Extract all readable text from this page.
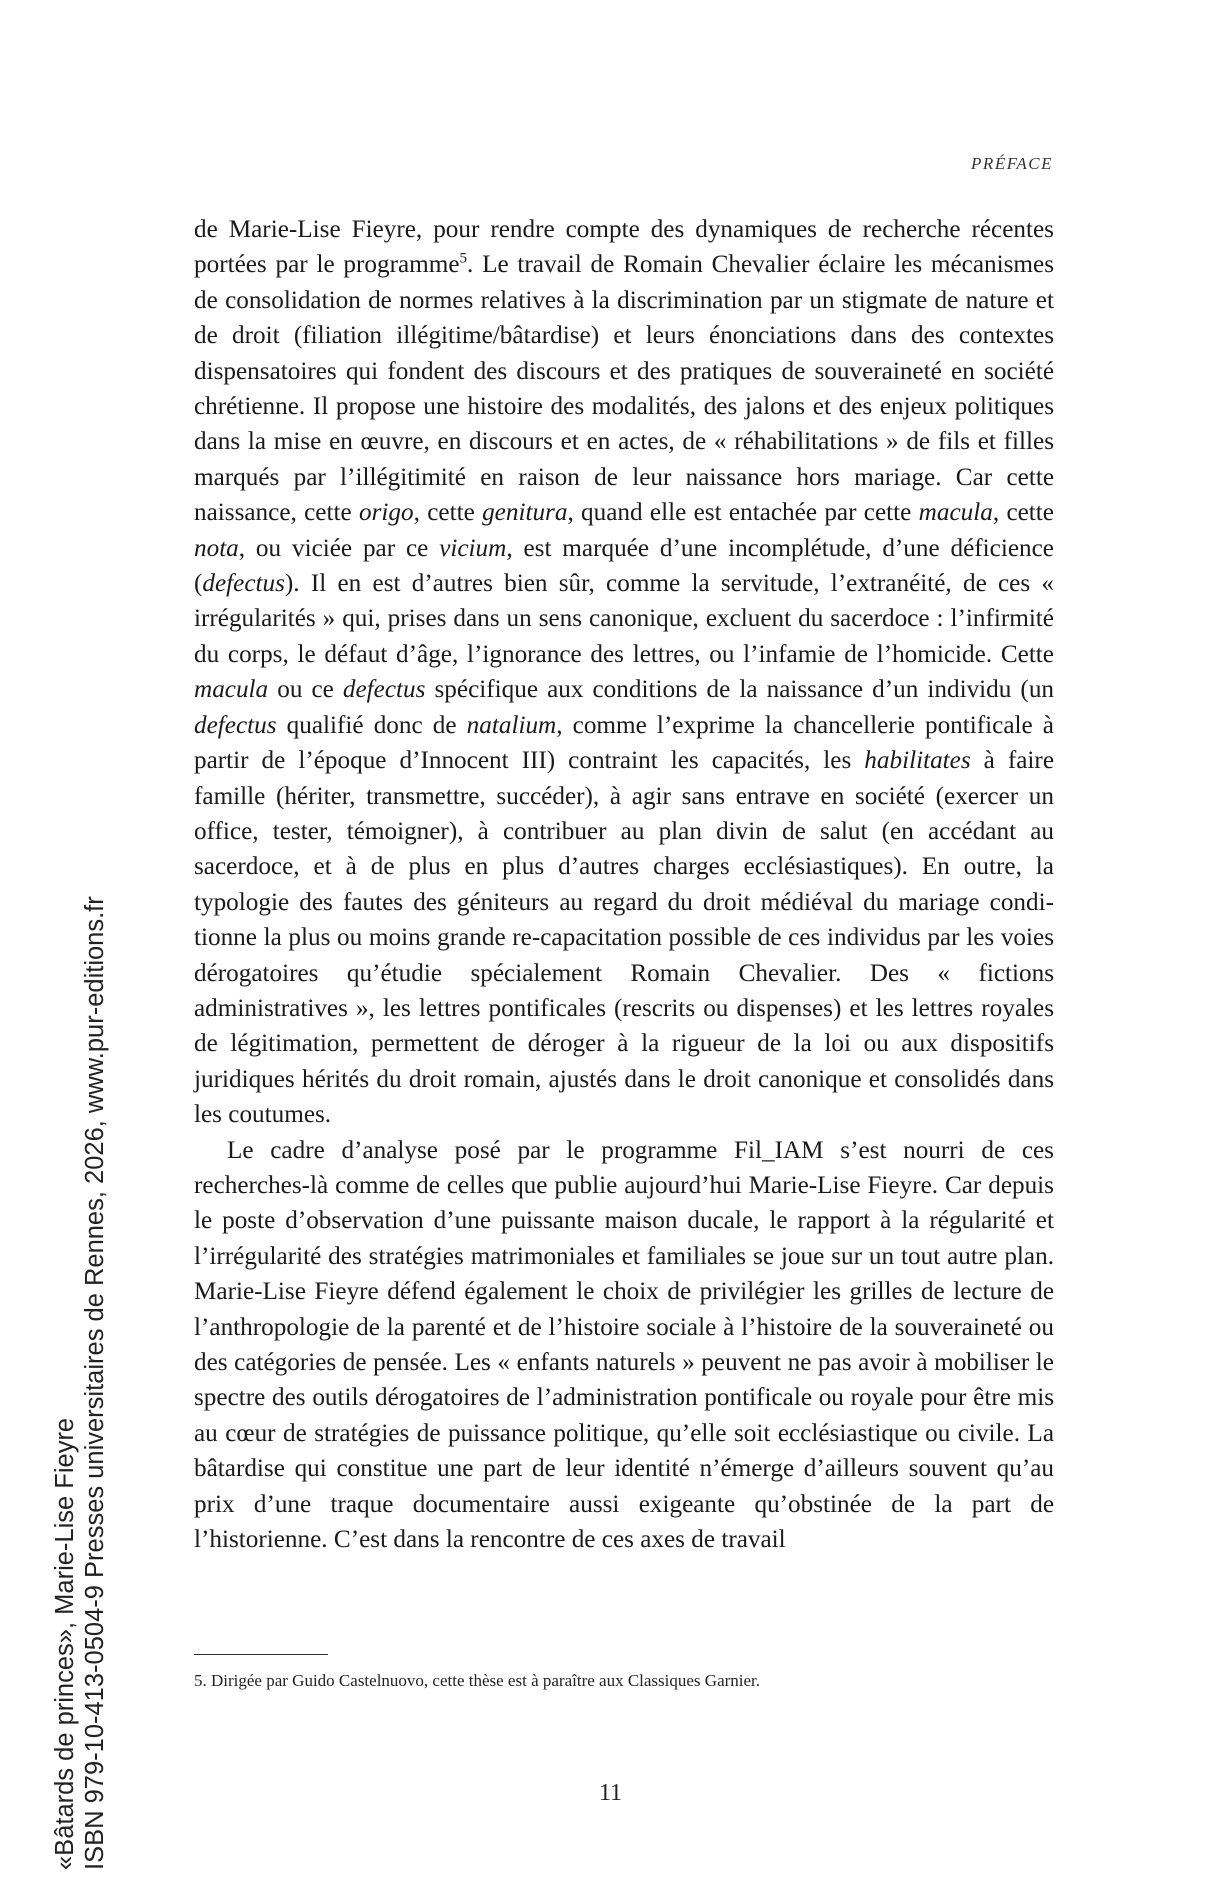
PRÉFACE

de Marie-Lise Fieyre, pour rendre compte des dynamiques de recherche récentes portées par le programme$^5$. Le travail de Romain Chevalier éclaire les mécanismes de consolidation de normes relatives à la discrimination par un stigmate de nature et de droit (filiation illégitime/bâtardise) et leurs énonciations dans des contextes dispensatoires qui fondent des discours et des pratiques de souveraineté en société chrétienne. Il propose une histoire des modalités, des jalons et des enjeux politiques dans la mise en œuvre, en discours et en actes, de « réhabilitations » de fils et filles marqués par l’illégitimité en raison de leur naissance hors mariage. Car cette naissance, cette origo, cette genitura, quand elle est entachée par cette macula, cette nota, ou viciée par ce vicium, est marquée d’une incomplétude, d’une déficience (defectus). Il en est d’autres bien sûr, comme la servitude, l’extranéité, de ces « irrégularités » qui, prises dans un sens canonique, excluent du sacerdoce : l’infirmité du corps, le défaut d’âge, l’ignorance des lettres, ou l’infamie de l’homicide. Cette macula ou ce defectus spécifique aux conditions de la naissance d’un individu (un defectus qualifié donc de natalium, comme l’exprime la chancellerie pontificale à partir de l’époque d’Innocent III) contraint les capacités, les habilitates à faire famille (hériter, transmettre, succéder), à agir sans entrave en société (exercer un office, tester, témoigner), à contribuer au plan divin de salut (en accédant au sacerdoce, et à de plus en plus d’autres charges ecclésiastiques). En outre, la typologie des fautes des géniteurs au regard du droit médiéval du mariage conditionne la plus ou moins grande re-capacitation possible de ces individus par les voies dérogatoires qu’étudie spécialement Romain Chevalier. Des « fictions administratives », les lettres pontificales (rescrits ou dispenses) et les lettres royales de légitimation, permettent de déroger à la rigueur de la loi ou aux dispositifs juridiques hérités du droit romain, ajustés dans le droit canonique et consolidés dans les coutumes.

Le cadre d’analyse posé par le programme Fil_IAM s’est nourri de ces recherches-là comme de celles que publie aujourd’hui Marie-Lise Fieyre. Car depuis le poste d’observation d’une puissante maison ducale, le rapport à la régularité et l’irrégularité des stratégies matrimoniales et familiales se joue sur un tout autre plan. Marie-Lise Fieyre défend également le choix de privilégier les grilles de lecture de l’anthropologie de la parenté et de l’histoire sociale à l’histoire de la souveraineté ou des catégories de pensée. Les « enfants naturels » peuvent ne pas avoir à mobiliser le spectre des outils dérogatoires de l’administration pontificale ou royale pour être mis au cœur de stratégies de puissance politique, qu’elle soit ecclésiastique ou civile. La bâtardise qui constitue une part de leur identité n’émerge d’ailleurs souvent qu’au prix d’une traque documentaire aussi exigeante qu’obstinée de la part de l’historienne. C’est dans la rencontre de ces axes de travail

5. Dirigée par Guido Castelnuovo, cette thèse est à paraître aux Classiques Garnier.
11
«Bâtards de princes», Marie-Lise Fieyre ISBN 979-10-413-0504-9 Presses universitaires de Rennes, 2026, www.pur-editions.fr
